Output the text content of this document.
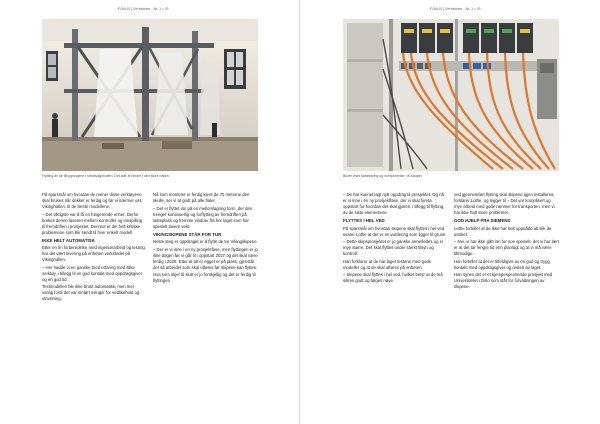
FOKUS | Verksteder · Nr. 1 • 25
Flytting av de tilbygningene i stridsvagnhallen. Det står et hinder i den store hallen.

På sparsmål om hvordan de mener disse verktøyene skal brukes når dekket er ferdig og før vi nærmer oss Vikinghallen, til de første modellene.

– Det viktigste var å få en fungerende enhet. Derfor brukes denne laseren mellom kontroller og innspilling til fremdriften i prosjektet. Derimot er det helt kritiske problemene som blir sendt til hver enkelt modell.

IKKE HELT AUTOMATISK

Etter en fin forberedelse med ingeniørarbeid og testing, har det vært levering på enheten verkstedet på Vikinghallen.

– Her hadde vi en ganske bred erfaring med slike verktøy, i tillegg til en god kontakt med oppdragsgiver og en god tid.

Testmodellen ble ikke brukt automatisk, men mer vanlig fordi det var innført svinger for vedlikehold og utrustning.

Nå som monteret er ferdig kjent da 70 meterne den skulle, ser vi at godt på alle flater.

– Det er flyttet inn på en mellomlagring form, der den trenger kontinuerlig og forflytting av fremdriften på lasteplass og fremme vinduer fra her laget som har spesielt lavere vekt.

VIKINGSKIPENE STÅR FOR TUR

Neste steg er oppdraget er å flytte de tre Vikingskipene.

– Der er vi inne i en ny prosjektfase, men flyttingen er jo ikke dagen før vi går til i oppstart 2027 og det skal være ferdig i 2028. Etter at alt er egget er på plass, gjenstår det så arbeidet som skal utføres før skipene kan flyttes.

Hva som skjer til slutt er jo forskjellig og det er ferdig til flyttingen.

FOKUS | Verksteder · Nr. 1 • 25
Bildet viser kabelføring og komponenter i el-skapet.

– De har kunnet lagt nytt oppdrag til prosjektet. Og nå er vi inne i en ny prosjektfase, der vi skal foreta oppstart for hvordan det skal gjøres, i tillegg til flytting, av de siste elementene.

FLYTTES I HEL VED

På sparsmål om hvordan skipene skal flyttes i hel ved svarer Lothe at det er en vurdering som ligger til grunn.

– Dette skipsprosjektet er jo ganske annerledes og er mye større. Det skal flyttes under sterkt tilsyn og kontroll.

Han forklarer at de har laget testene med gode modeller og at de skal utføres på enheten.

– Skipene skal flyttes i hel ved, hvilket betyr at de må sikres godt og følges nøye.

ved gjennomført flytting skal skipene igjen installeres, forklarer Lothe, og legger til – Det var komplisert og mye arbeid med gode rammer for transporten, men vi har ikke hatt store problemer.

GOD HJELP FRA SIEMENS

Lothe forteller at de ikke har helt oppnådd alt slik de ønsket.

– Nei, vi har ikke gått inn for noe spesielt, det vi har lært er at det tar lengre tid enn planlagt og at vi må være tålmodige.

Han forteller at det er tilfeldigvis av en god og trygg kontakt med oppdragsgiver og resten av laget.

Han synes det er et kjempespennende prosjekt med Universitetet i Oslo som står for forvaltningen av skipene.
